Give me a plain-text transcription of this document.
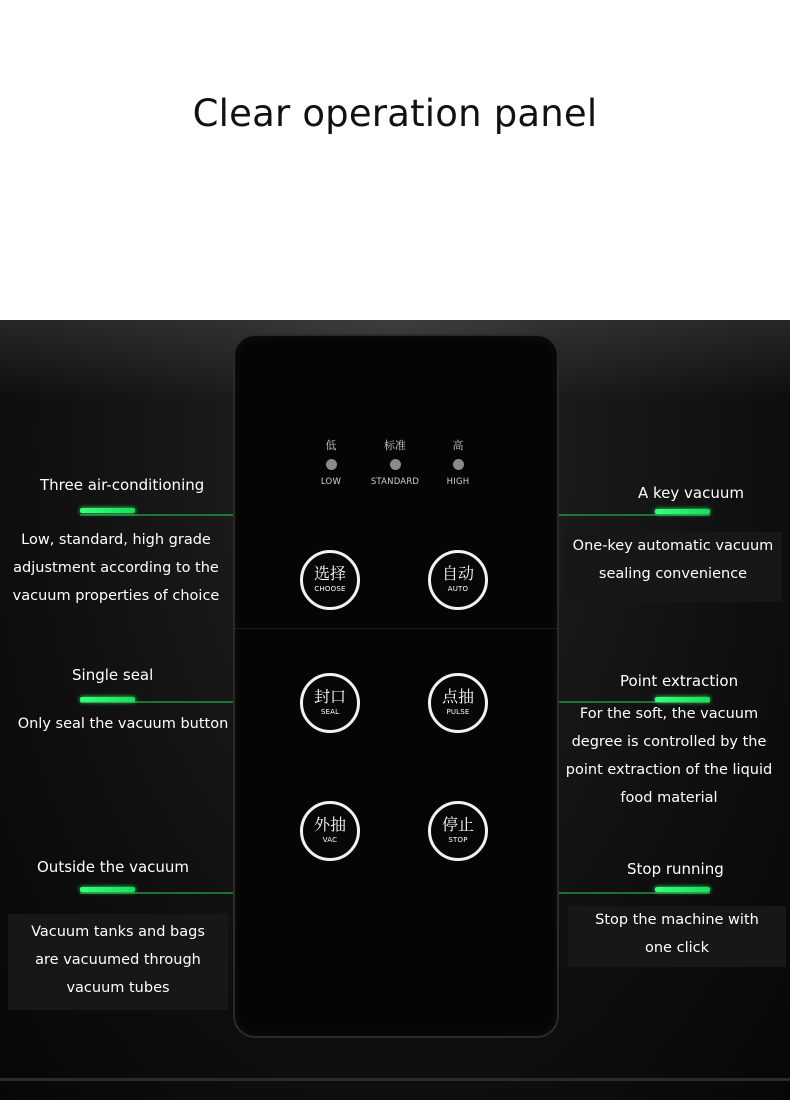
Clear operation panel
低
LOW
标准
STANDARD
高
HIGH
选择
CHOOSE
自动
AUTO
封口
SEAL
点抽
PULSE
外抽
VAC
停止
STOP
Three air-conditioning
Low, standard, high grade
adjustment according to the
vacuum properties of choice
Single seal
Only seal the vacuum button
Outside the vacuum
Vacuum tanks and bags
are vacuumed through
vacuum tubes
A key vacuum
One-key automatic vacuum
sealing convenience
Point extraction
For the soft, the vacuum
degree is controlled by the
point extraction of the liquid
food material
Stop running
Stop the machine with
one click
